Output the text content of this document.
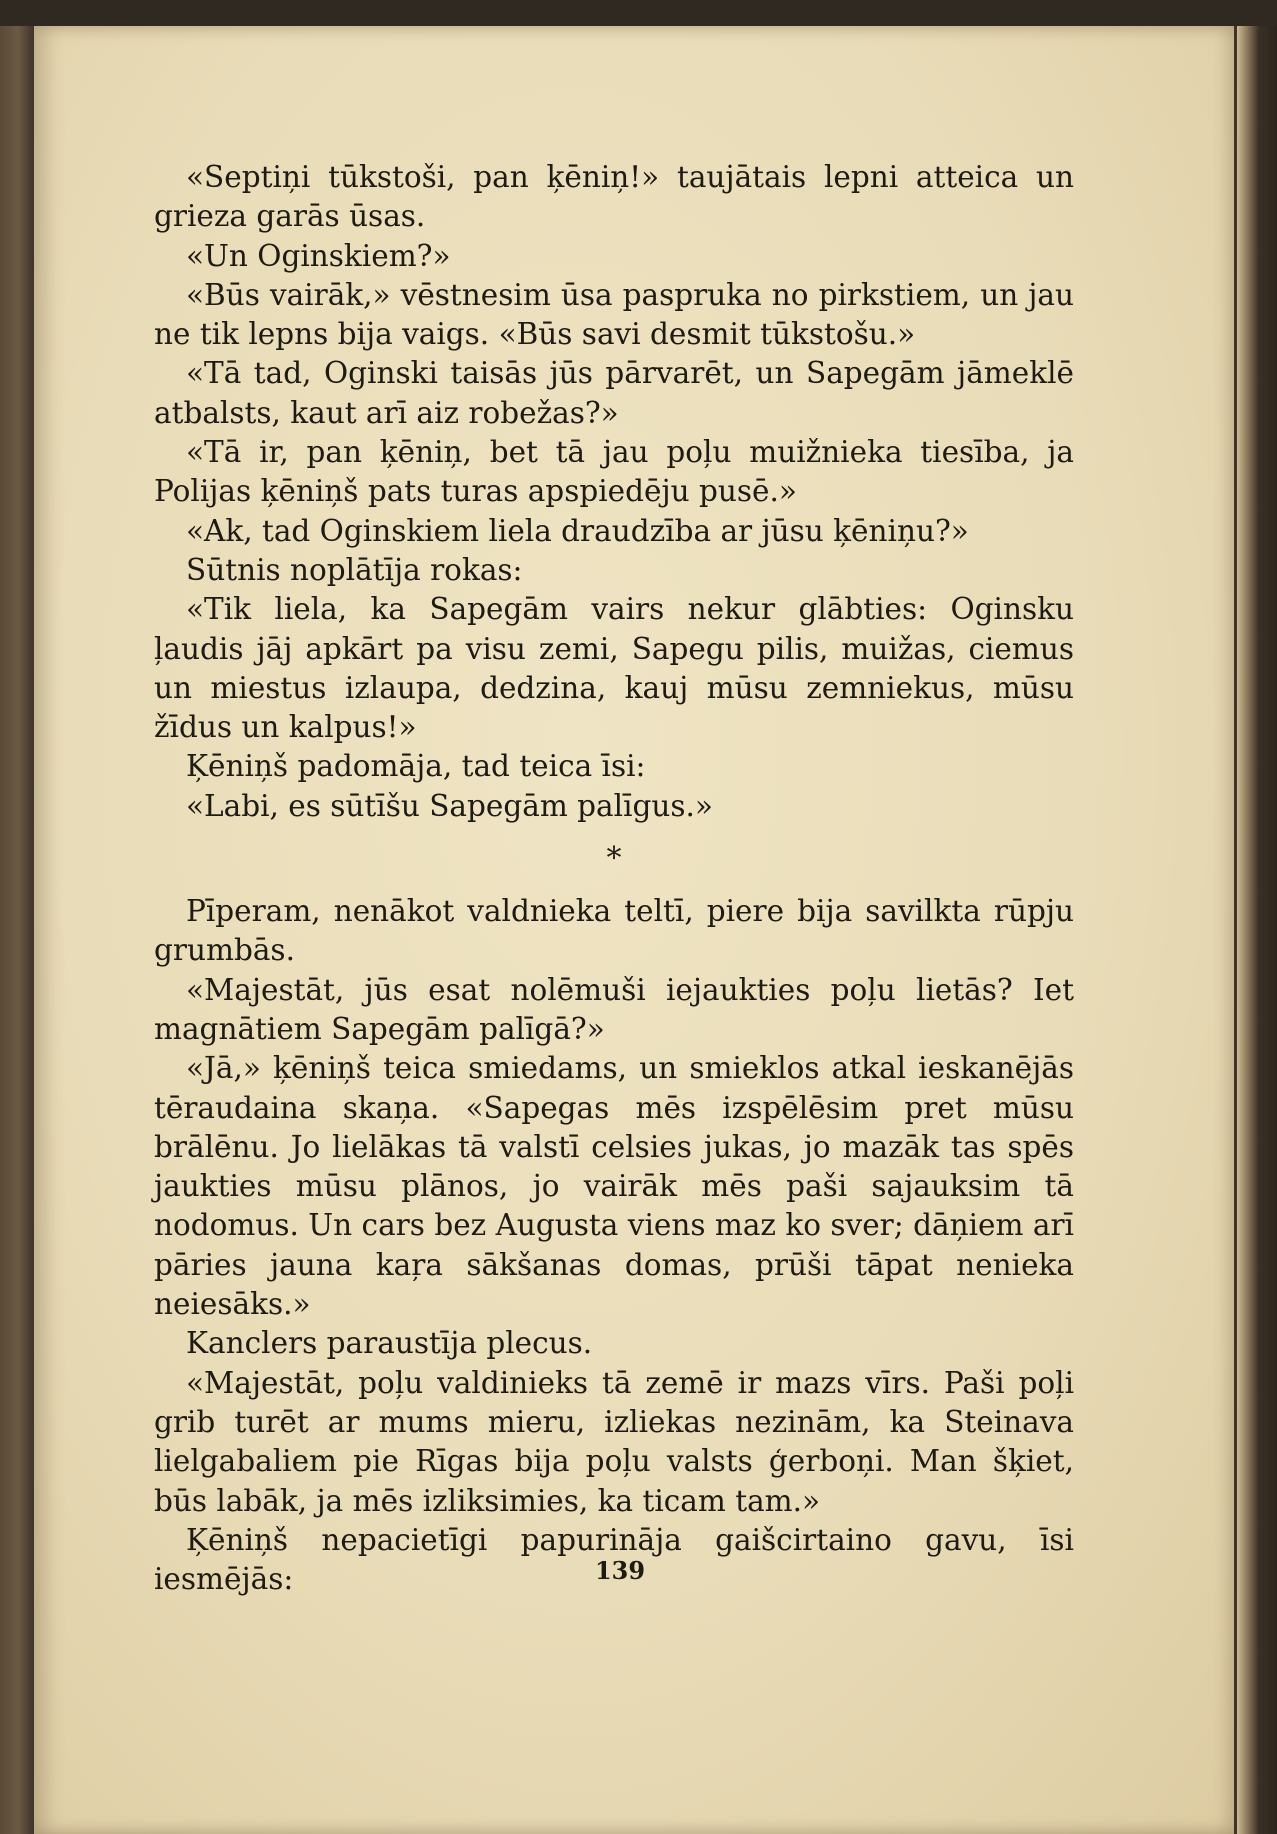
«Septiņi tūkstoši, pan ķēniņ!» taujātais lepni atteica un grieza garās ūsas.

«Un Oginskiem?»

«Būs vairāk,» vēstnesim ūsa paspruka no pirkstiem, un jau ne tik lepns bija vaigs. «Būs savi desmit tūkstošu.»

«Tā tad, Oginski taisās jūs pārvarēt, un Sapegām jāmeklē atbalsts, kaut arī aiz robežas?»

«Tā ir, pan ķēniņ, bet tā jau poļu muižnieka tiesība, ja Polijas ķēniņš pats turas apspiedēju pusē.»

«Ak, tad Oginskiem liela draudzība ar jūsu ķēniņu?»

Sūtnis noplātīja rokas:

«Tik liela, ka Sapegām vairs nekur glābties: Oginsku ļaudis jāj apkārt pa visu zemi, Sapegu pilis, muižas, ciemus un miestus izlaupa, dedzina, kauj mūsu zemniekus, mūsu žīdus un kalpus!»

Ķēniņš padomāja, tad teica īsi:

«Labi, es sūtīšu Sapegām palīgus.»

*

Pīperam, nenākot valdnieka teltī, piere bija savilkta rūpju grumbās.

«Majestāt, jūs esat nolēmuši iejaukties poļu lietās? Iet magnātiem Sapegām palīgā?»

«Jā,» ķēniņš teica smiedams, un smieklos atkal ieskanējās tēraudaina skaņa. «Sapegas mēs izspēlēsim pret mūsu brālēnu. Jo lielākas tā valstī celsies jukas, jo mazāk tas spēs jaukties mūsu plānos, jo vairāk mēs paši sajauksim tā nodomus. Un cars bez Augusta viens maz ko sver; dāņiem arī pāries jauna kaŗa sākšanas domas, prūši tāpat nenieka neiesāks.»

Kanclers paraustīja plecus.

«Majestāt, poļu valdinieks tā zemē ir mazs vīrs. Paši poļi grib turēt ar mums mieru, izliekas nezinām, ka Steinava lielgabaliem pie Rīgas bija poļu valsts ģerboņi. Man šķiet, būs labāk, ja mēs izliksimies, ka ticam tam.»

Ķēniņš nepacietīgi papurināja gaišcirtaino gavu, īsi iesmējās:	139
